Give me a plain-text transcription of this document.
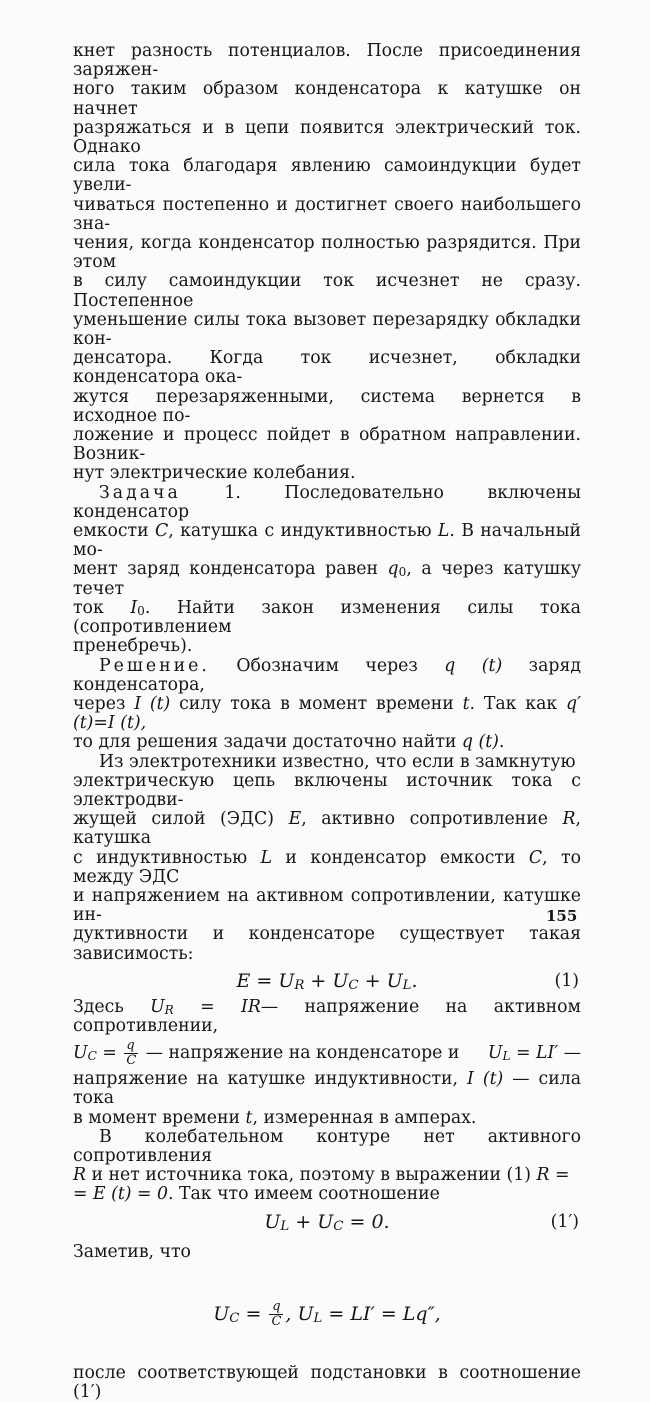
кнет разность потенциалов. После присоединения заряжен-

ного таким образом конденсатора к катушке он начнет

разряжаться и в цепи появится электрический ток. Однако

сила тока благодаря явлению самоиндукции будет увели-

чиваться постепенно и достигнет своего наибольшего зна-

чения, когда конденсатор полностью разрядится. При этом

в силу самоиндукции ток исчезнет не сразу. Постепенное

уменьшение силы тока вызовет перезарядку обкладки кон-

денсатора. Когда ток исчезнет, обкладки конденсатора ока-

жутся перезаряженными, система вернется в исходное по-

ложение и процесс пойдет в обратном направлении. Возник-

нут электрические колебания.

Задача	1. Последовательно включены конденсатор

емкости C, катушка с индуктивностью L. В начальный мо-

мент заряд конденсатора равен $q_0$, а через катушку течет

ток $I_0$. Найти закон изменения силы тока (сопротивлением

пренебречь).

Решение. Обозначим через q (t) заряд конденсатора,

через I (t) силу тока в момент времени t. Так как q′(t)=I (t),

то для решения задачи достаточно найти q (t).

Из электротехники известно, что если в замкнутую

электрическую цепь включены источник тока с электродви-

жущей силой (ЭДС) E, активно сопротивление R, катушка

с индуктивностью L и конденсатор емкости C, то между ЭДС

и напряжением на активном сопротивлении, катушке ин-

дуктивности и конденсаторе существует такая зависимость:

$E = U_R + U_C + U_L$.	(1)

Здесь $U_R$ = IR— напряжение на активном сопротивлении,

$U_C = \frac{q}{C}$ — напряжение на конденсаторе и $U_L = LI'$ —

напряжение на катушке индуктивности, I (t) — сила тока

в момент времени t, измеренная в амперах.

В колебательном контуре нет активного сопротивления

R и нет источника тока, поэтому в выражении (1) R =

= E (t) = 0. Так что имеем соотношение

$U_L + U_C = 0$.	(1′)

Заметив, что

$U_C = \frac{q}{C}$ , $U_L = LI' = Lq''$,

после соответствующей подстановки в соотношение (1′)

155
